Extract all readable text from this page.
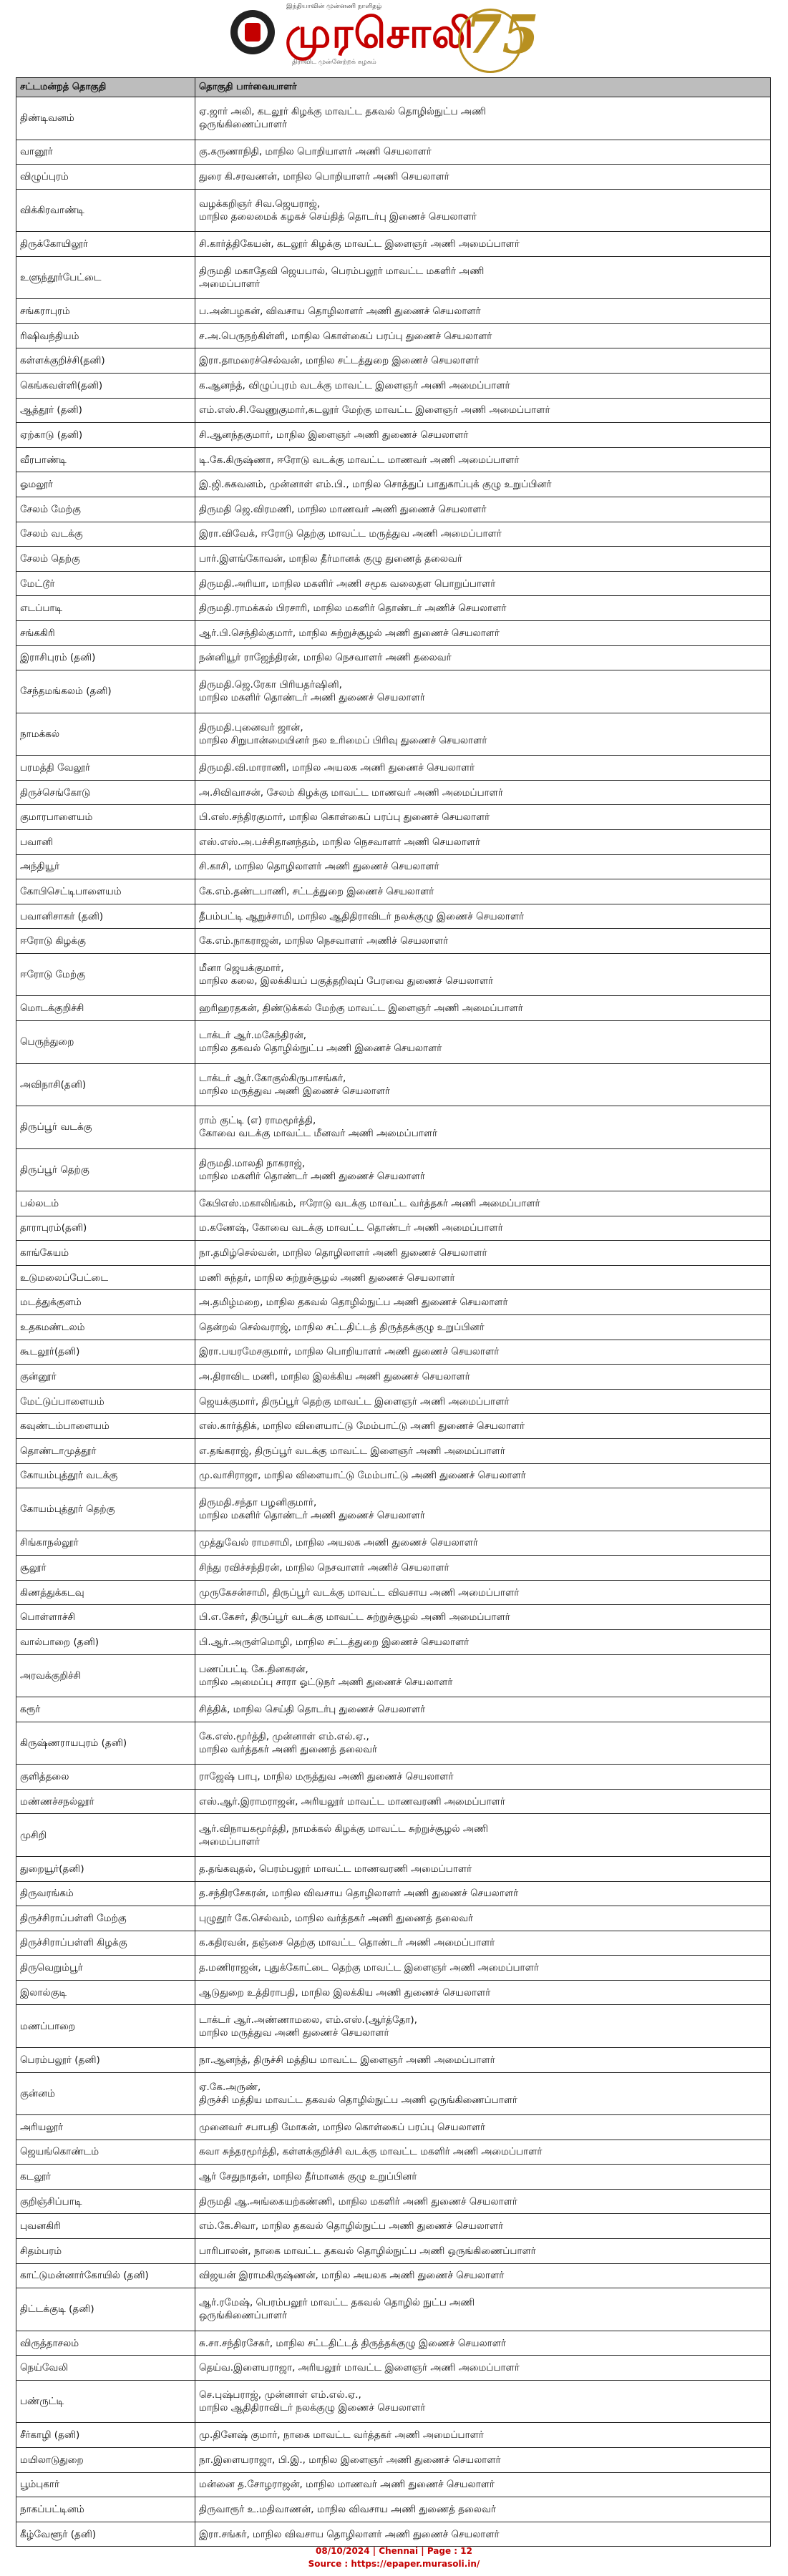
இந்தியாவின் முன்னணி நாளிதழ்
முரசொலி
திராவிட முன்னேற்றக் கழகம் 75
சட்டமன்றத் தொகுதி	தொகுதி பார்வையாளர்
திண்டிவனம்	ஏ.ஜார் அலி, கடலூர் கிழக்கு மாவட்ட தகவல் தொழில்நுட்ப அணி
ஒருங்கிணைப்பாளர்
வானூர்	கு.கருணாநிதி, மாநில பொறியாளர் அணி செயலாளர்
விழுப்புரம்	துரை கி.சரவணன், மாநில பொறியாளர் அணி செயலாளர்
விக்கிரவாண்டி	வழக்கறிஞர் சிவ.ஜெயராஜ்,
மாநில தலைமைக் கழகச் செய்தித் தொடர்பு இணைச் செயலாளர்
திருக்கோயிலூர்	சி.கார்த்திகேயன், கடலூர் கிழக்கு மாவட்ட இளைஞர் அணி அமைப்பாளர்
உளுந்தூர்பேட்டை	திருமதி மகாதேவி ஜெயபால், பெரம்பலூர் மாவட்ட மகளிர் அணி
அமைப்பாளர்
சங்கராபுரம்	ப.அன்பழகன், விவசாய தொழிலாளர் அணி துணைச் செயலாளர்
ரிஷிவந்தியம்	ச.அ.பெருநற்கிள்ளி, மாநில கொள்கைப் பரப்பு துணைச் செயலாளர்
கள்ளக்குறிச்சி(தனி)	இரா.தாமரைச்செல்வன், மாநில சட்டத்துறை இணைச் செயலாளர்
கெங்கவள்ளி(தனி)	க.ஆனந்த், விழுப்புரம் வடக்கு மாவட்ட இளைஞர் அணி அமைப்பாளர்
ஆத்தூர் (தனி)	எம்.எஸ்.சி.வேணுகுமார்,கடலூர் மேற்கு மாவட்ட இளைஞர் அணி அமைப்பாளர்
ஏற்காடு (தனி)	சி.ஆனந்தகுமார், மாநில இளைஞர் அணி துணைச் செயலாளர்
வீரபாண்டி	டி.கே.கிருஷ்ணா, ஈரோடு வடக்கு மாவட்ட மாணவர் அணி அமைப்பாளர்
ஓமலூர்	இ.ஜி.சுகவனம், முன்னாள் எம்.பி., மாநில சொத்துப் பாதுகாப்புக் குழு உறுப்பினர்
சேலம் மேற்கு	திருமதி ஜெ.விரமணி, மாநில மாணவர் அணி துணைச் செயலாளர்
சேலம் வடக்கு	இரா.விவேக், ஈரோடு தெற்கு மாவட்ட மருத்துவ அணி அமைப்பாளர்
சேலம் தெற்கு	பார்.இளங்கோவன், மாநில தீர்மானக் குழு துணைத் தலைவர்
மேட்டூர்	திருமதி.அரியா, மாநில மகளிர் அணி சமூக வலைதள பொறுப்பாளர்
எடப்பாடி	திருமதி.ராமக்கல் பிரசாரி, மாநில மகளிர் தொண்டர் அணிச் செயலாளர்
சங்ககிரி	ஆர்.பி.செந்தில்குமார், மாநில சுற்றுச்சூழல் அணி துணைச் செயலாளர்
இராசிபுரம் (தனி)	நன்னியூர் ராஜேந்திரன், மாநில நெசவாளர் அணி தலைவர்
சேந்தமங்கலம் (தனி)	திருமதி.ஜெ.ரேகா பிரியதர்ஷினி,
மாநில மகளிர் தொண்டர் அணி துணைச் செயலாளர்
நாமக்கல்	திருமதி.புனைவர் ஜான்,
மாநில சிறுபான்மையினர் நல உரிமைப் பிரிவு துணைச் செயலாளர்
பரமத்தி வேலூர்	திருமதி.வி.மாராணி, மாநில அயலக அணி துணைச் செயலாளர்
திருச்செங்கோடு	அ.சிவிவாசன், சேலம் கிழக்கு மாவட்ட மாணவர் அணி அமைப்பாளர்
குமாரபாளையம்	பி.எஸ்.சந்திரகுமார், மாநில கொள்கைப் பரப்பு துணைச் செயலாளர்
பவானி	எஸ்.எஸ்.அ.பச்சிதானந்தம், மாநில நெசவாளர் அணி செயலாளர்
அந்தியூர்	சி.காசி, மாநில தொழிலாளர் அணி துணைச் செயலாளர்
கோபிசெட்டிபாளையம்	கே.எம்.தண்டபாணி, சட்டத்துறை இணைச் செயலாளர்
பவானிசாகர் (தனி)	தீபம்பட்டி ஆறுச்சாமி, மாநில ஆதிதிராவிடர் நலக்குழு இணைச் செயலாளர்
ஈரோடு கிழக்கு	கே.எம்.நாகராஜன், மாநில நெசவாளர் அணிச் செயலாளர்
ஈரோடு மேற்கு	மீனா ஜெயக்குமார்,
மாநில கலை, இலக்கியப் பகுத்தறிவுப் பேரவை துணைச் செயலாளர்
மொடக்குறிச்சி	ஹரிஹரதகன், திண்டுக்கல் மேற்கு மாவட்ட இளைஞர் அணி அமைப்பாளர்
பெருந்துறை	டாக்டர் ஆர்.மகேந்திரன்,
மாநில தகவல் தொழில்நுட்ப அணி இணைச் செயலாளர்
அவிநாசி(தனி)	டாக்டர் ஆர்.கோகுல்கிருபாசங்கர்,
மாநில மருத்துவ அணி இணைச் செயலாளர்
திருப்பூர் வடக்கு	ராம் குட்டி (எ) ராமமூர்த்தி,
கோவை வடக்கு மாவட்ட மீனவர் அணி அமைப்பாளர்
திருப்பூர் தெற்கு	திருமதி.மாலதி நாகராஜ்,
மாநில மகளிர் தொண்டர் அணி துணைச் செயலாளர்
பல்லடம்	கேபிஎஸ்.மகாலிங்கம், ஈரோடு வடக்கு மாவட்ட வர்த்தகர் அணி அமைப்பாளர்
தாராபுரம்(தனி)	ம.கணேஷ், கோவை வடக்கு மாவட்ட தொண்டர் அணி அமைப்பாளர்
காங்கேயம்	நா.தமிழ்செல்வன், மாநில தொழிலாளர் அணி துணைச் செயலாளர்
உடுமலைப்பேட்டை	மணி சுந்தர், மாநில சுற்றுச்சூழல் அணி துணைச் செயலாளர்
மடத்துக்குளம்	அ.தமிழ்மறை, மாநில தகவல் தொழில்நுட்ப அணி துணைச் செயலாளர்
உதகமண்டலம்	தென்றல் செல்வராஜ், மாநில சட்டதிட்டத் திருத்தக்குழு உறுப்பினர்
கூடலூர்(தனி)	இரா.பயரமேசகுமார், மாநில பொறியாளர் அணி துணைச் செயலாளர்
குன்னூர்	அ.திராவிட மணி, மாநில இலக்கிய அணி துணைச் செயலாளர்
மேட்டுப்பாளையம்	ஜெயக்குமார், திருப்பூர் தெற்கு மாவட்ட இளைஞர் அணி அமைப்பாளர்
கவுண்டம்பாளையம்	எஸ்.கார்த்திக், மாநில விளையாட்டு மேம்பாட்டு அணி துணைச் செயலாளர்
தொண்டாமுத்தூர்	எ.தங்கராஜ், திருப்பூர் வடக்கு மாவட்ட இளைஞர் அணி அமைப்பாளர்
கோயம்புத்தூர் வடக்கு	மு.வாசிராஜா, மாநில விளையாட்டு மேம்பாட்டு அணி துணைச் செயலாளர்
கோயம்புத்தூர் தெற்கு	திருமதி.சந்தா பழனிகுமார்,
மாநில மகளிர் தொண்டர் அணி துணைச் செயலாளர்
சிங்காநல்லூர்	முத்துவேல் ராமசாமி, மாநில அயலக அணி துணைச் செயலாளர்
சூலூர்	சிந்து ரவிச்சந்திரன், மாநில நெசவாளர் அணிச் செயலாளர்
கிணத்துக்கடவு	முருகேசன்சாமி, திருப்பூர் வடக்கு மாவட்ட விவசாய அணி அமைப்பாளர்
பொள்ளாச்சி	பி.எ.கேசர், திருப்பூர் வடக்கு மாவட்ட சுற்றுச்சூழல் அணி அமைப்பாளர்
வால்பாறை (தனி)	பி.ஆர்.அருள்மொழி, மாநில சட்டத்துறை இணைச் செயலாளர்
அரவக்குறிச்சி	பணப்பட்டி கே.தினகரன்,
மாநில அமைப்பு சாரா ஓட்டுநர் அணி துணைச் செயலாளர்
கரூர்	சித்திக், மாநில செய்தி தொடர்பு துணைச் செயலாளர்
கிருஷ்ணராயபுரம் (தனி)	கே.எஸ்.மூர்த்தி, முன்னாள் எம்.எல்.ஏ.,
மாநில வர்த்தகர் அணி துணைத் தலைவர்
குளித்தலை	ராஜேஷ் பாபு, மாநில மருத்துவ அணி துணைச் செயலாளர்
மண்ணச்சநல்லூர்	எஸ்.ஆர்.இராமராஜன், அரியலூர் மாவட்ட மாணவரணி அமைப்பாளர்
முசிறி	ஆர்.விநாயகமூர்த்தி, நாமக்கல் கிழக்கு மாவட்ட சுற்றுச்சூழல் அணி
அமைப்பாளர்
துறையூர்(தனி)	த.தங்கவுதல், பெரம்பலூர் மாவட்ட மாணவரணி அமைப்பாளர்
திருவரங்கம்	த.சந்திரசேகரன், மாநில விவசாய தொழிலாளர் அணி துணைச் செயலாளர்
திருச்சிராப்பள்ளி மேற்கு	புழுதூர் கே.செல்வம், மாநில வர்த்தகர் அணி துணைத் தலைவர்
திருச்சிராப்பள்ளி கிழக்கு	க.கதிரவன், தஞ்சை தெற்கு மாவட்ட தொண்டர் அணி அமைப்பாளர்
திருவெறும்பூர்	த.மணிராஜன், புதுக்கோட்டை தெற்கு மாவட்ட இளைஞர் அணி அமைப்பாளர்
இலால்குடி	ஆடுதுறை உத்திராபதி, மாநில இலக்கிய அணி துணைச் செயலாளர்
மணப்பாறை	டாக்டர் ஆர்.அண்ணாமலை, எம்.எஸ்.(ஆர்த்தோ),
மாநில மருத்துவ அணி துணைச் செயலாளர்
பெரம்பலூர் (தனி)	நா.ஆனந்த், திருச்சி மத்திய மாவட்ட இளைஞர் அணி அமைப்பாளர்
குன்னம்	ஏ.கே.அருண்,
திருச்சி மத்திய மாவட்ட தகவல் தொழில்நுட்ப அணி ஒருங்கிணைப்பாளர்
அரியலூர்	முனைவர் சபாபதி மோகன், மாநில கொள்கைப் பரப்பு செயலாளர்
ஜெயங்கொண்டம்	கவா சுந்தரமூர்த்தி, கள்ளக்குறிச்சி வடக்கு மாவட்ட மகளிர் அணி அமைப்பாளர்
கடலூர்	ஆர் சேதுநாதன், மாநில தீர்மானக் குழு உறுப்பினர்
குறிஞ்சிப்பாடி	திருமதி ஆ.அங்கையற்கண்ணி, மாநில மகளிர் அணி துணைச் செயலாளர்
புவனகிரி	எம்.கே.சிவா, மாநில தகவல் தொழில்நுட்ப அணி துணைச் செயலாளர்
சிதம்பரம்	பாரிபாலன், நாகை மாவட்ட தகவல் தொழில்நுட்ப அணி ஒருங்கிணைப்பாளர்
காட்டுமன்னார்கோயில் (தனி)	விஜயன் இராமகிருஷ்ணன், மாநில அயலக அணி துணைச் செயலாளர்
திட்டக்குடி (தனி)	ஆர்.ரமேஷ், பெரம்பலூர் மாவட்ட தகவல் தொழில் நுட்ப அணி
ஒருங்கிணைப்பாளர்
விருத்தாசலம்	சு.சா.சந்திரசேகர், மாநில சட்டதிட்டத் திருத்தக்குழு இணைச் செயலாளர்
நெய்வேலி	தெய்வ.இளையராஜா, அரியலூர் மாவட்ட இளைஞர் அணி அமைப்பாளர்
பண்ருட்டி	செ.புஷ்பராஜ், முன்னாள் எம்.எல்.ஏ.,
மாநில ஆதிதிராவிடர் நலக்குழு இணைச் செயலாளர்
சீர்காழி (தனி)	மு.தினேஷ் குமார், நாகை மாவட்ட வர்த்தகர் அணி அமைப்பாளர்
மயிலாடுதுறை	நா.இளையராஜா, பி.இ., மாநில இளைஞர் அணி துணைச் செயலாளர்
பூம்புகார்	மன்னை த.சோழராஜன், மாநில மாணவர் அணி துணைச் செயலாளர்
நாகப்பட்டினம்	திருவாரூர் உ.மதிவாணன், மாநில விவசாய அணி துணைத் தலைவர்
கீழ்வேளூர் (தனி)	இரா.சங்கர், மாநில விவசாய தொழிலாளர் அணி துணைச் செயலாளர்
08/10/2024 | Chennai | Page : 12
Source : https://epaper.murasoli.in/
